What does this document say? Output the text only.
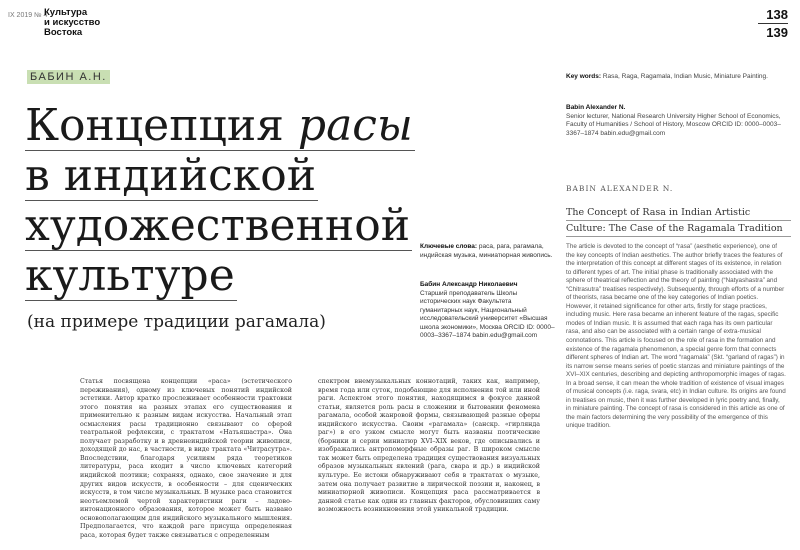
IX 2019 № 4
Культура
и искусство
Востока
138
139
БАБИН А.Н.
Концепция расы
в индийской
художественной
культуре
(на примере традиции рагамала)
Ключевые слова: раса, рага, рагамала, индийская музыка, миниатюрная живопись.
Бабин Александр Николаевич
Старший преподаватель Школы исторических наук Факультета гуманитарных наук, Национальный исследовательский университет «Высшая школа экономики», Москва ORCID ID: 0000–0003–3367–1874 babin.edu@gmail.com
Key words: Rasa, Raga, Ragamala, Indian Music, Miniature Painting.
Babin Alexander N.
Senior lecturer, National Research University Higher School of Economics, Faculty of Humanities / School of History, Moscow ORCID ID: 0000–0003–3367–1874 babin.edu@gmail.com
BABIN ALEXANDER N.
The Concept of Rasa in Indian Artistic
Culture: The Case of the Ragamala Tradition
The article is devoted to the concept of “rasa” (aesthetic experience), one of the key concepts of Indian aesthetics. The author briefly traces the features of the interpretation of this concept at different stages of its existence, in relation to different types of art. The initial phase is traditionally associated with the sphere of theatrical reflection and the theory of painting (“Natyashastra” and “Chitrasutra” treatises respectively). Subsequently, through efforts of a number of theorists, rasa became one of the key categories of Indian poetics. However, it retained significance for other arts, firstly for stage practices, including music. Here rasa became an inherent feature of the ragas, specific modes of Indian music. It is assumed that each raga has its own particular rasa, and also can be associated with a certain range of extra-musical connotations. This article is focused on the role of rasa in the formation and existence of the ragamala phenomenon, a special genre form that connects different spheres of Indian art. The word “ragamala” (Skt. “garland of ragas”) in its narrow sense means series of poetic stanzas and miniature paintings of the XVI–XIX centuries, describing and depicting anthropomorphic images of ragas. In a broad sense, it can mean the whole tradition of existence of visual images of musical concepts (i.e. raga, svara, etc) in Indian culture. Its origins are found in treatises on music, then it was further developed in lyric poetry and, finally, in miniature painting. The concept of rasa is considered in this article as one of the main factors determining the very possibility of the emergence of this unique tradition.
Статья посвящена концепции «раса» (эстетического переживания), одному из ключевых понятий индийской эстетики. Автор кратко прослеживает особенности трактовки этого понятия на разных этапах его существования и применительно к разным видам искусства. Начальный этап осмысления расы традиционно связывают со сферой театральной рефлексии, с трактатом «Натьяшастра». Она получает разработку и в древнеиндийской теории живописи, доходящей до нас, в частности, в виде трактата «Читрасутра». Впоследствии, благодаря усилиям ряда теоретиков литературы, раса входит в число ключевых категорий индийской поэтики; сохраняя, однако, свое значение и для других видов искусств, в особенности – для сценических искусств, в том числе музыкальных. В музыке раса становится неотъемлемой чертой характеристики раги – ладово-интонационного образования, которое может быть названо основополагающим для индийского музыкального мышления. Предполагается, что каждой раге присуща определенная раса, которая будет также связываться с определенным
спектром внемузыкальных коннотаций, таких как, например, время года или суток, подобающие для исполнения той или иной раги. Аспектом этого понятия, находящимся в фокусе данной статьи, является роль расы в сложении и бытовании феномена рагамала, особой жанровой формы, связывающей разные сферы индийского искусства. Своим «рагамала» (санскр. «гирлянда раг») в его узком смысле могут быть названы поэтические (борники и серии миниатюр XVI–XIX веков, где описывались и изображались антропоморфные образы раг. В широком смысле так может быть определена традиция существования визуальных образов музыкальных явлений (рага, свара и др.) в индийской культуре. Ее истоки обнаруживают себя в трактатах о музыке, затем она получает развитие в лирической поэзии и, наконец, в миниатюрной живописи. Концепция раса рассматривается в данной статье как один из главных факторов, обусловивших саму возможность возникновения этой уникальной традиции.
